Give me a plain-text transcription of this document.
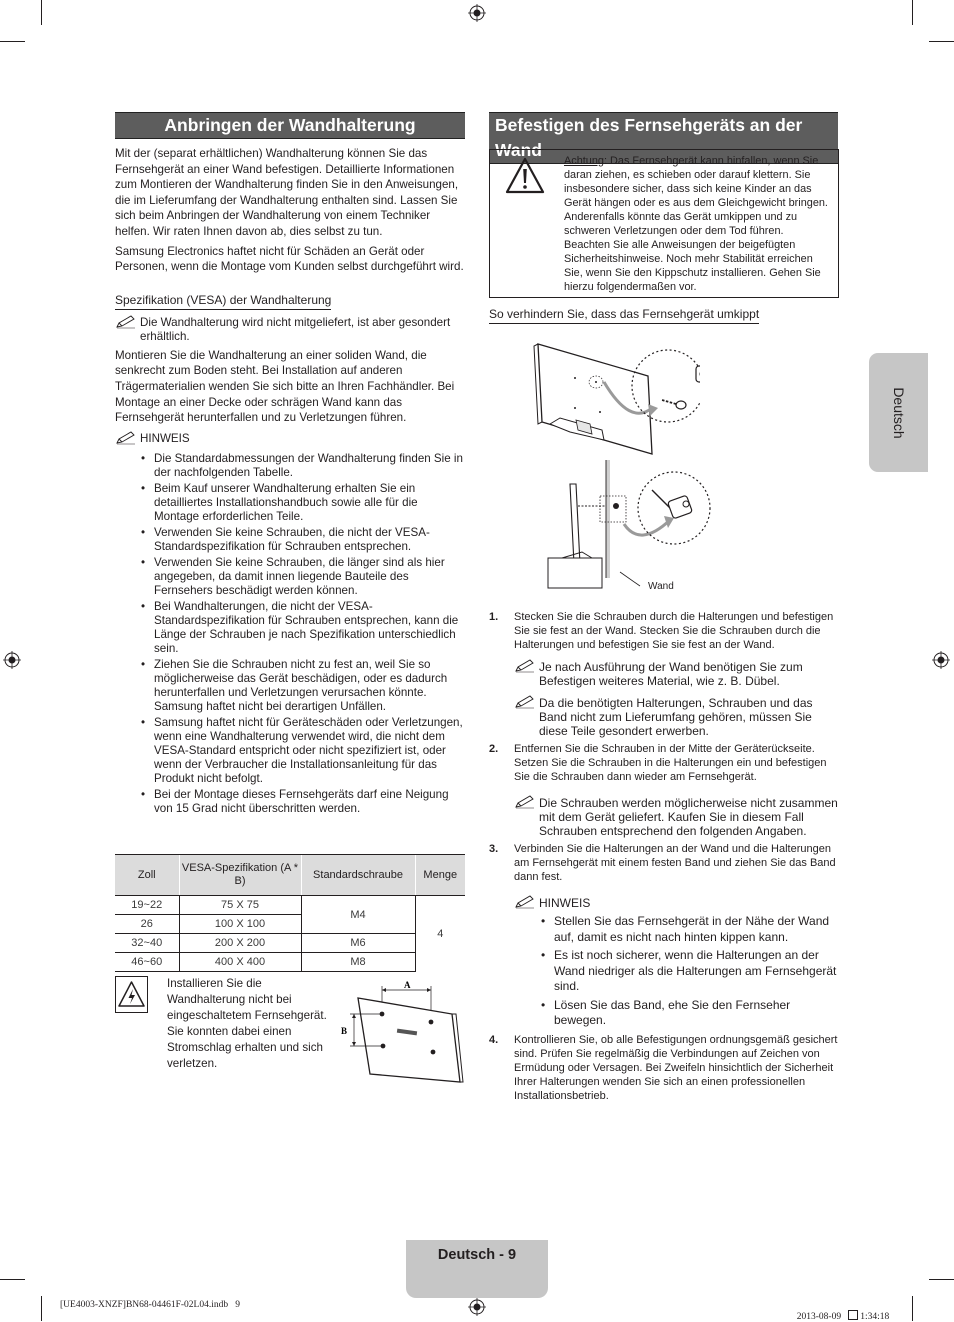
Anbringen der Wandhalterung

Mit der (separat erhältlichen) Wandhalterung können Sie das Fernsehgerät an einer Wand befestigen. Detaillierte Informationen zum Montieren der Wandhalterung finden Sie in den Anweisungen, die im Lieferumfang der Wandhalterung enthalten sind. Lassen Sie sich beim Anbringen der Wandhalterung von einem Techniker helfen. Wir raten Ihnen davon ab, dies selbst zu tun.

Samsung Electronics haftet nicht für Schäden an Gerät oder Personen, wenn die Montage vom Kunden selbst durchgeführt wird.

Spezifikation (VESA) der Wandhalterung
Die Wandhalterung wird nicht mitgeliefert, ist aber gesondert erhältlich.

Montieren Sie die Wandhalterung an einer soliden Wand, die senkrecht zum Boden steht. Bei Installation auf anderen Trägermaterialien wenden Sie sich bitte an Ihren Fachhändler. Bei Montage an einer Decke oder schrägen Wand kann das Fernsehgerät herunterfallen und zu Verletzungen führen.

HINWEIS
• Die Standardabmessungen der Wandhalterung finden Sie in der nachfolgenden Tabelle.
• Beim Kauf unserer Wandhalterung erhalten Sie ein detailliertes Installationshandbuch sowie alle für die Montage erforderlichen Teile.
• Verwenden Sie keine Schrauben, die nicht der VESA-Standardspezifikation für Schrauben entsprechen.
• Verwenden Sie keine Schrauben, die länger sind als hier angegeben, da damit innen liegende Bauteile des Fernsehers beschädigt werden können.
• Bei Wandhalterungen, die nicht der VESA-Standardspezifikation für Schrauben entsprechen, kann die Länge der Schrauben je nach Spezifikation unterschiedlich sein.
• Ziehen Sie die Schrauben nicht zu fest an, weil Sie so möglicherweise das Gerät beschädigen, oder es dadurch herunterfallen und Verletzungen verursachen könnte. Samsung haftet nicht bei derartigen Unfällen.
• Samsung haftet nicht für Geräteschäden oder Verletzungen, wenn eine Wandhalterung verwendet wird, die nicht dem VESA-Standard entspricht oder nicht spezifiziert ist, oder wenn der Verbraucher die Installationsanleitung für das Produkt nicht befolgt.
• Bei der Montage dieses Fernsehgeräts darf eine Neigung von 15 Grad nicht überschritten werden.
Zoll	VESA-Spezifikation (A * B)	Standardschraube	Menge
19~22	75 X 75	M4	4
26	100 X 100		
32~40	200 X 200	M6	
46~60	400 X 400	M8	
Installieren Sie die Wandhalterung nicht bei eingeschaltetem Fernsehgerät. Sie konnten dabei einen Stromschlag erhalten und sich verletzen.
A
B
Befestigen des Fernsehgeräts an der Wand
Achtung: Das Fernsehgerät kann hinfallen, wenn Sie daran ziehen, es schieben oder darauf klettern. Sie insbesondere sicher, dass sich keine Kinder an das Gerät hängen oder es aus dem Gleichgewicht bringen. Anderenfalls könnte das Gerät umkippen und zu schweren Verletzungen oder dem Tod führen. Beachten Sie alle Anweisungen der beigefügten Sicherheitshinweise. Noch mehr Stabilität erreichen Sie, wenn Sie den Kippschutz installieren. Gehen Sie hierzu folgendermaßen vor.
So verhindern Sie, dass das Fernsehgerät umkippt
Wand
1. Stecken Sie die Schrauben durch die Halterungen und befestigen Sie sie fest an der Wand. Stecken Sie die Schrauben durch die Halterungen und befestigen Sie sie fest an der Wand.
Je nach Ausführung der Wand benötigen Sie zum Befestigen weiteres Material, wie z. B. Dübel.
Da die benötigten Halterungen, Schrauben und das Band nicht zum Lieferumfang gehören, müssen Sie diese Teile gesondert erwerben.
2. Entfernen Sie die Schrauben in der Mitte der Geräterückseite. Setzen Sie die Schrauben in die Halterungen ein und befestigen Sie die Schrauben dann wieder am Fernsehgerät.
Die Schrauben werden möglicherweise nicht zusammen mit dem Gerät geliefert. Kaufen Sie in diesem Fall Schrauben entsprechend den folgenden Angaben.
3. Verbinden Sie die Halterungen an der Wand und die Halterungen am Fernsehgerät mit einem festen Band und ziehen Sie das Band dann fest.
HINWEIS
• Stellen Sie das Fernsehgerät in der Nähe der Wand auf, damit es nicht nach hinten kippen kann.
• Es ist noch sicherer, wenn die Halterungen an der Wand niedriger als die Halterungen am Fernsehgerät sind.
• Lösen Sie das Band, ehe Sie den Fernseher bewegen.
4. Kontrollieren Sie, ob alle Befestigungen ordnungsgemäß gesichert sind. Prüfen Sie regelmäßig die Verbindungen auf Zeichen von Ermüdung oder Versagen. Bei Zweifeln hinsichtlich der Sicherheit Ihrer Halterungen wenden Sie sich an einen professionellen Installationsbetrieb.
Deutsch
Deutsch - 9
[UE4003-XNZF]BN68-04461F-02L04.indb   9

2013-08-09   1:34:18
